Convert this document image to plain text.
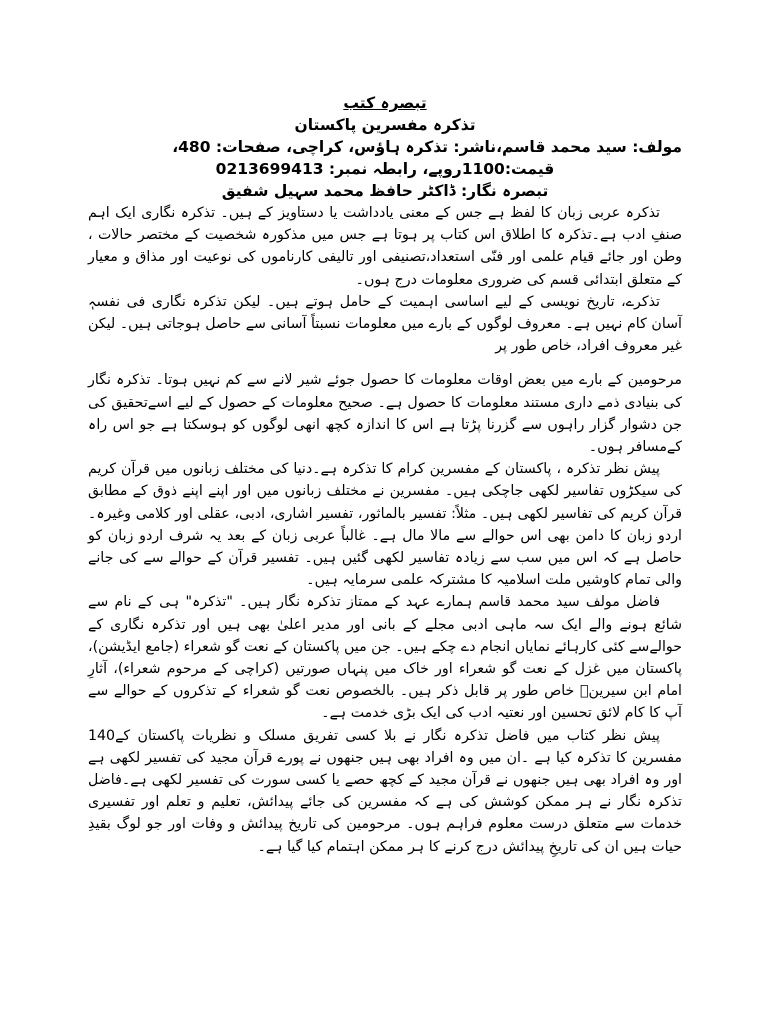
تبصرہ کتب

تذکرہ مفسرین پاکستان

مولف: سید محمد قاسم،ناشر: تذکرہ ہاؤس، کراچی، صفحات: 480،

قیمت:1100روپے، رابطہ نمبر: 0213699413

تبصرہ نگار: ڈاکٹر حافظ محمد سہیل شفیق

تذکرہ عربی زبان کا لفظ ہے جس کے معنی یادداشت یا دستاویز کے ہیں۔ تذکرہ نگاری ایک اہم صنفِ ادب ہے۔تذکرہ کا اطلاق اس کتاب پر ہوتا ہے جس میں مذکورہ شخصیت کے مختصر حالات ، وطن اور جائے قیام علمی اور فنّی استعداد،تصنیفی اور تالیفی کارناموں کی نوعیت اور مذاق و معیار کے متعلق ابتدائی قسم کی ضروری معلومات درج ہوں۔

تذکرے، تاریخ نویسی کے لیے اساسی اہمیت کے حامل ہوتے ہیں۔ لیکن تذکرہ نگاری فی نفسہٖ آسان کام نہیں ہے۔ معروف لوگوں کے بارے میں معلومات نسبتاً آسانی سے حاصل ہوجاتی ہیں۔ لیکن غیر معروف افراد، خاص طور پر

مرحومین کے بارے میں بعض اوقات معلومات کا حصول جوئے شیر لانے سے کم نہیں ہوتا۔ تذکرہ نگار کی بنیادی ذمے داری مستند معلومات کا حصول ہے۔ صحیح معلومات کے حصول کے لیے اسےتحقیق کی جن دشوار گزار راہوں سے گزرنا پڑتا ہے اس کا اندازہ کچھ انھی لوگوں کو ہوسکتا ہے جو اس راہ کےمسافر ہوں۔

پیش نظر تذکرہ ، پاکستان کے مفسرین کرام کا تذکرہ ہے۔دنیا کی مختلف زبانوں میں قرآن کریم کی سیکڑوں تفاسیر لکھی جاچکی ہیں۔ مفسرین نے مختلف زبانوں میں اور اپنے اپنے ذوق کے مطابق قرآن کریم کی تفاسیر لکھی ہیں۔ مثلاً: تفسیر بالماثور، تفسیر اشاری، ادبی، عقلی اور کلامی وغیرہ۔ اردو زبان کا دامن بھی اس حوالے سے مالا مال ہے۔ غالباً عربی زبان کے بعد یہ شرف اردو زبان کو حاصل ہے کہ اس میں سب سے زیادہ تفاسیر لکھی گئیں ہیں۔ تفسیر قرآن کے حوالے سے کی جانے والی تمام کاوشیں ملت اسلامیہ کا مشترکہ علمی سرمایہ ہیں۔

فاضل مولف سید محمد قاسم ہمارے عہد کے ممتاز تذکرہ نگار ہیں۔ "تذکرہ" ہی کے نام سے شائع ہونے والے ایک سہ ماہی ادبی مجلے کے بانی اور مدیر اعلیٰ بھی ہیں اور تذکرہ نگاری کے حوالےسے کئی کارہائے نمایاں انجام دے چکے ہیں۔ جن میں پاکستان کے نعت گو شعراء (جامع ایڈیشن)، پاکستان میں غزل کے نعت گو شعراء اور خاک میں پنہاں صورتیں (کراچی کے مرحوم شعراء)، آثارِ امام ابن سیرینؒ خاص طور پر قابل ذکر ہیں۔ بالخصوص نعت گو شعراء کے تذکروں کے حوالے سے آپ کا کام لائق تحسین اور نعتیہ ادب کی ایک بڑی خدمت ہے۔

پیش نظر کتاب میں فاضل تذکرہ نگار نے بلا کسی تفریق مسلک و نظریات پاکستان کے140 مفسرین کا تذکرہ کیا ہے ۔ان میں وہ افراد بھی ہیں جنھوں نے پورے قرآن مجید کی تفسیر لکھی ہے اور وہ افراد بھی ہیں جنھوں نے قرآن مجید کے کچھ حصے یا کسی سورت کی تفسیر لکھی ہے۔فاضل تذکرہ نگار نے ہر ممکن کوشش کی ہے کہ مفسرین کی جائے پیدائش، تعلیم و تعلم اور تفسیری خدمات سے متعلق درست معلوم فراہم ہوں۔ مرحومین کی تاریخ پیدائش و وفات اور جو لوگ بقیدِ حیات ہیں ان کی تاریخِ پیدائش درج کرنے کا ہر ممکن اہتمام کیا گیا ہے۔
